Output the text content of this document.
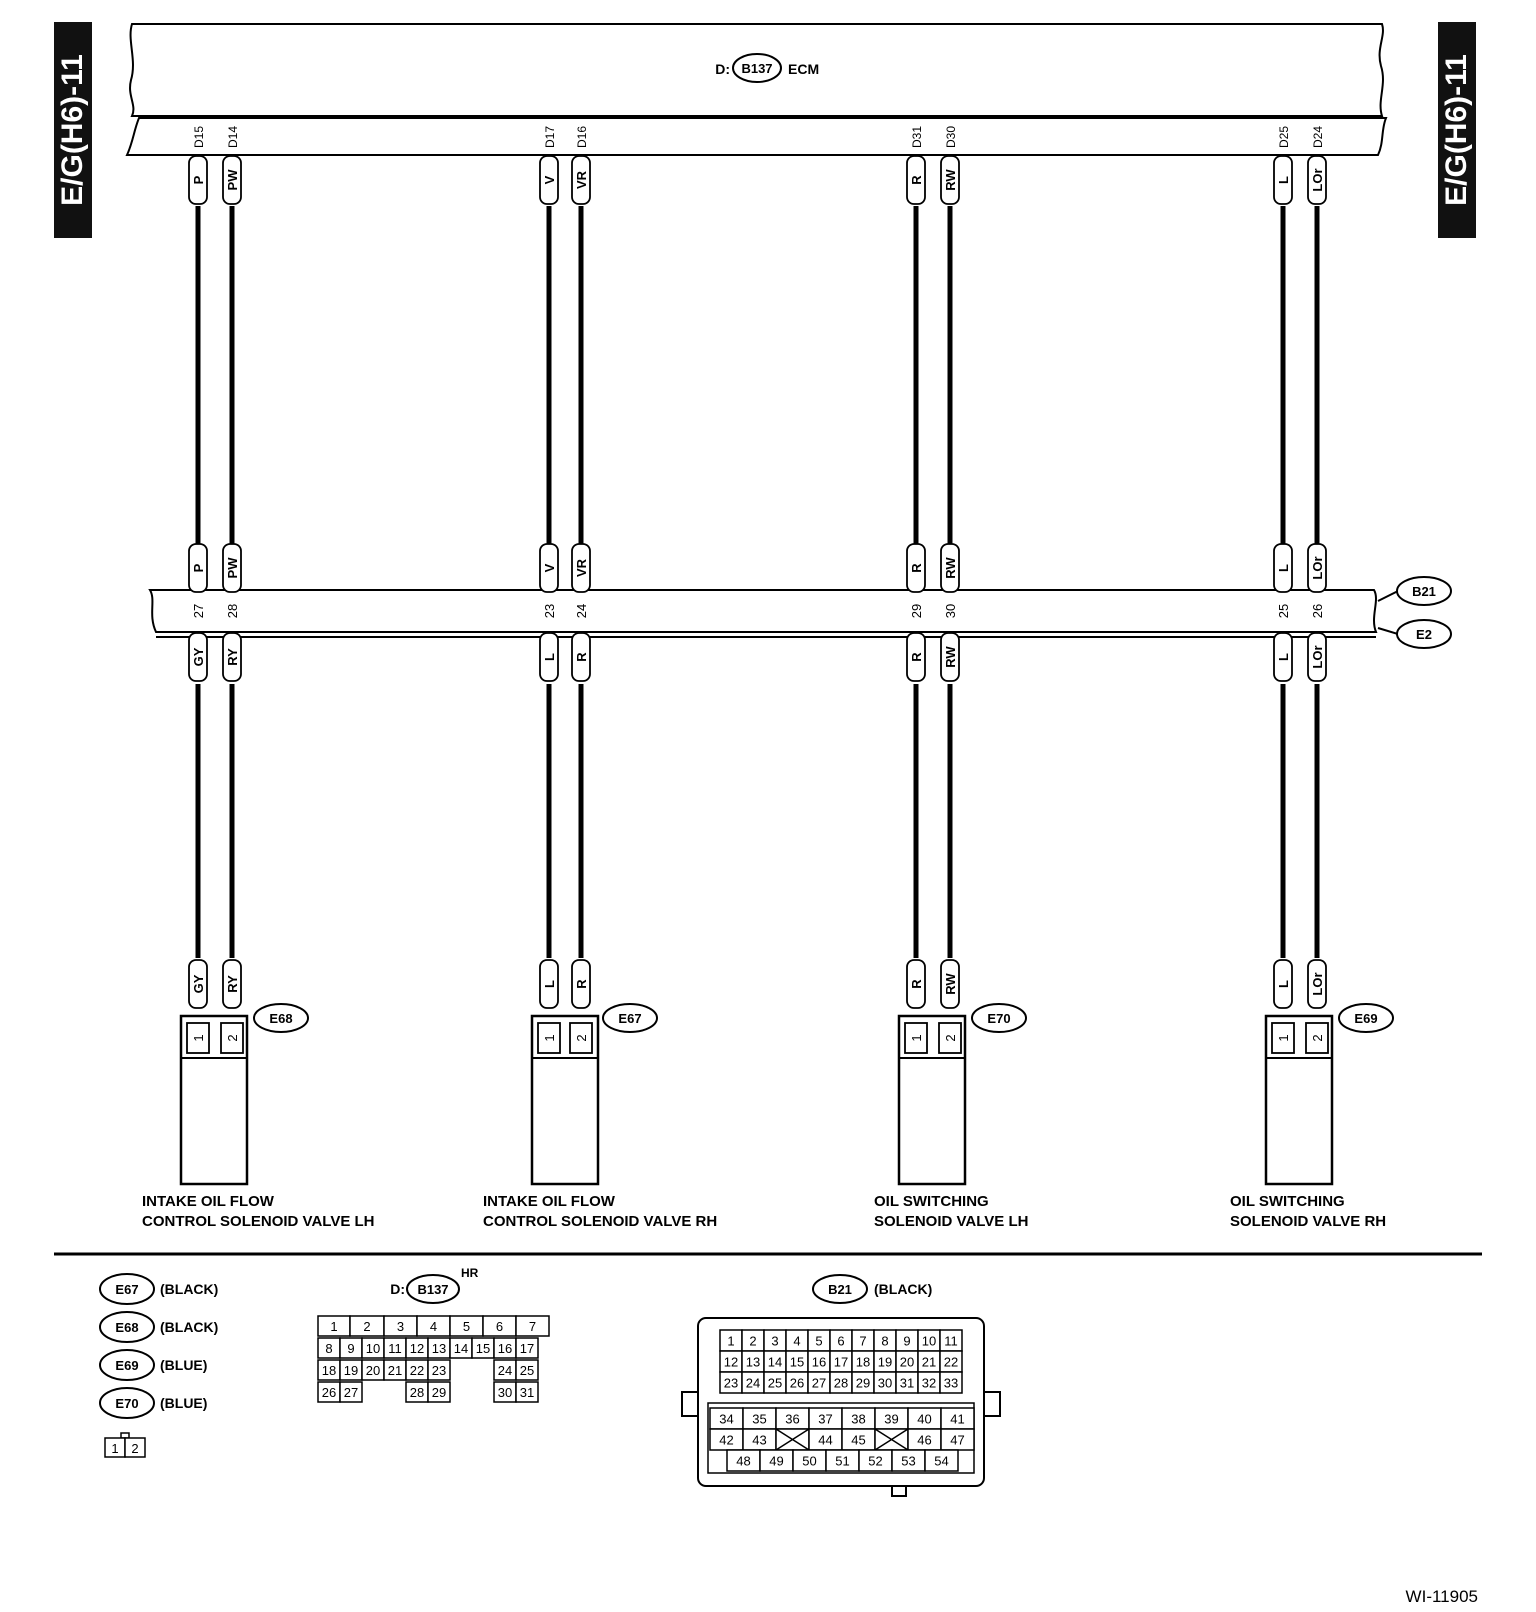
E/G(H6)-11	E/G(H6)-11
D: B137 ECM
B21
E2
D15
P
P
27
GY
GY
D14
PW
PW
28
RY
RY
1 2
E68
INTAKE OIL FLOW
CONTROL SOLENOID VALVE LH
D17
V
V
23
L
L
D16
VR
VR
24
R
R
1 2
E67
INTAKE OIL FLOW
CONTROL SOLENOID VALVE RH
D31
R
R
29
R
R
D30
RW
RW
30
RW
RW
1 2
E70
OIL SWITCHING
SOLENOID VALVE LH
D25
L
L
25
L
L
D24
LOr
LOr
26
LOr
LOr
1 2
E69
OIL SWITCHING
SOLENOID VALVE RH
E67 (BLACK)
E68 (BLACK)
E69 (BLUE)
E70 (BLUE)
1 2
D: B137
HR
1 2 3 4 5 6 7
8 9 10 11 12 13 14 15 16 17
18 19 20 21 22 23	24 25
26 27	28 29	30 31
B21 (BLACK)
1 2 3 4 5 6 7 8 9 10 11
12 13 14 15 16 17 18 19 20 21 22
23 24 25 26 27 28 29 30 31 32 33
34 35 36 37 38 39 40 41
42 43	44 45	46 47
48 49 50 51 52 53 54
WI-11905
